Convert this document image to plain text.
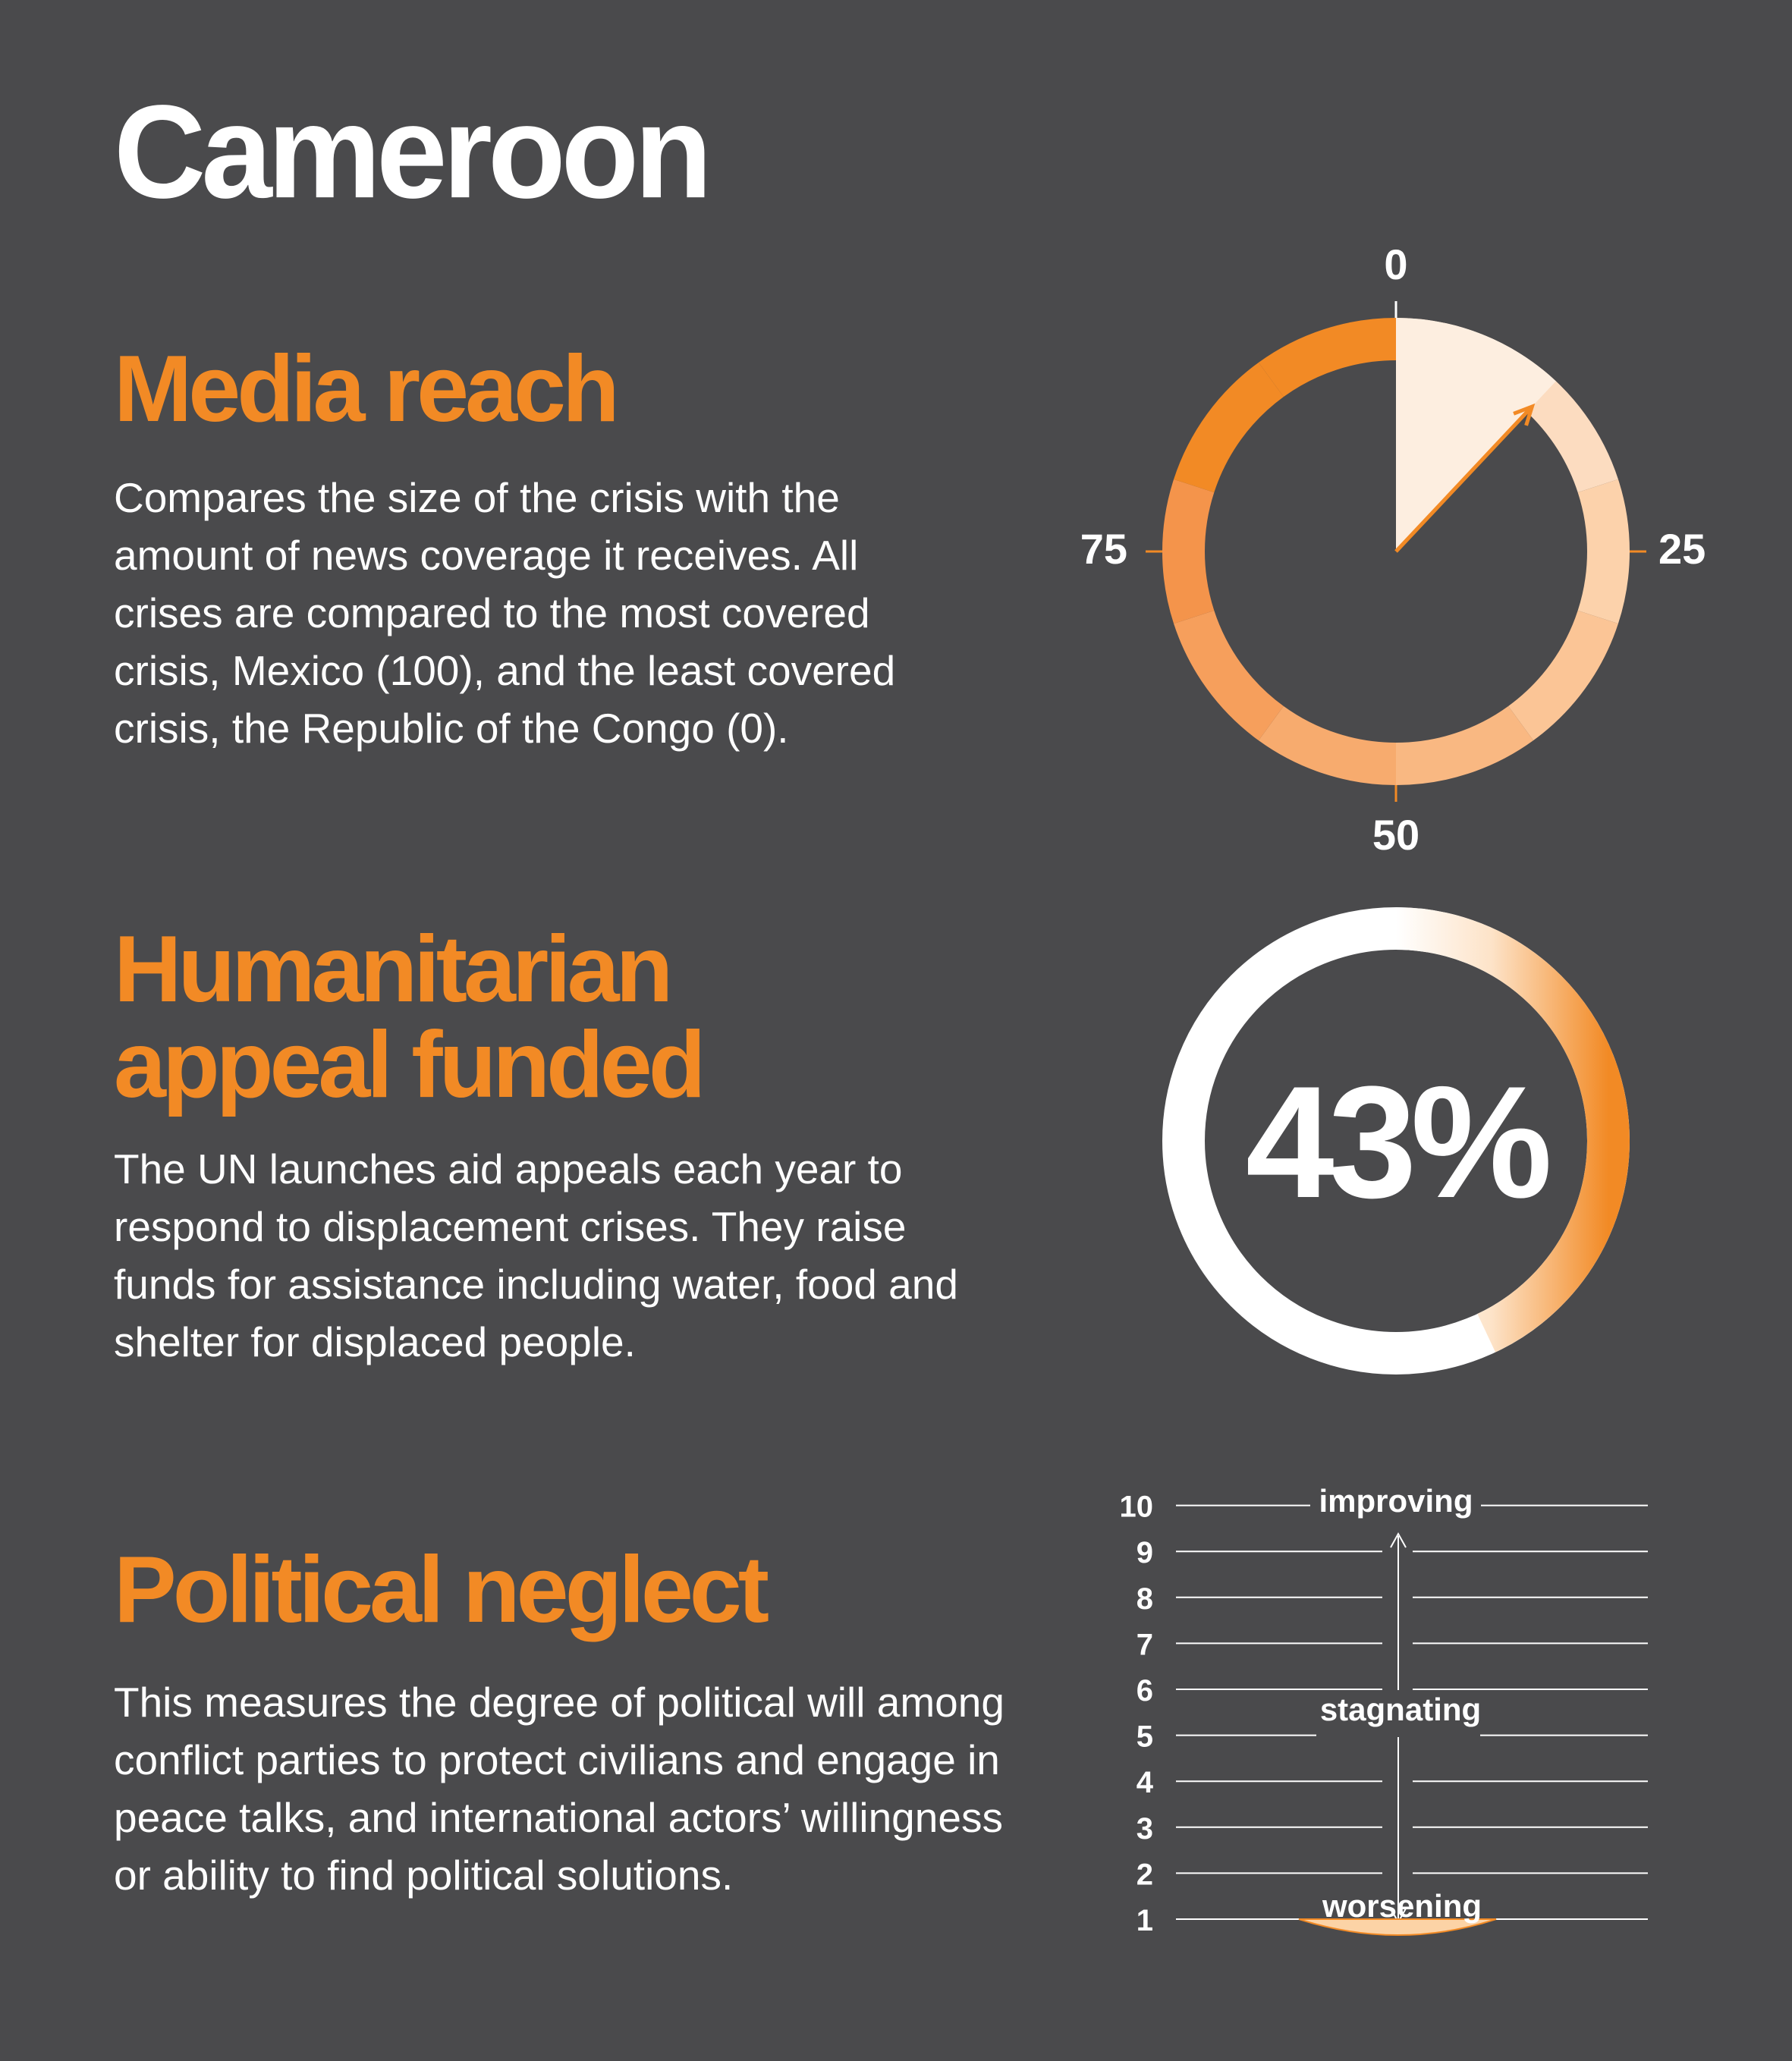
Cameroon
Media reach

Compares the size of the crisis with the amount of news coverage it receives. All crises are compared to the most covered crisis, Mexico (100), and the least covered crisis, the Republic of the Congo (0).

Humanitarian
appeal funded

The UN launches aid appeals each year to respond to displacement crises. They raise funds for assistance including water, food and shelter for displaced people.

Political neglect

This measures the degree of political will among conflict parties to protect civilians and engage in peace talks, and international actors’ willingness or ability to find political solutions.

0
25
50
75
43%
1
2
3
4
5
6
7
8
9
10	improving
stagnating
worsening
